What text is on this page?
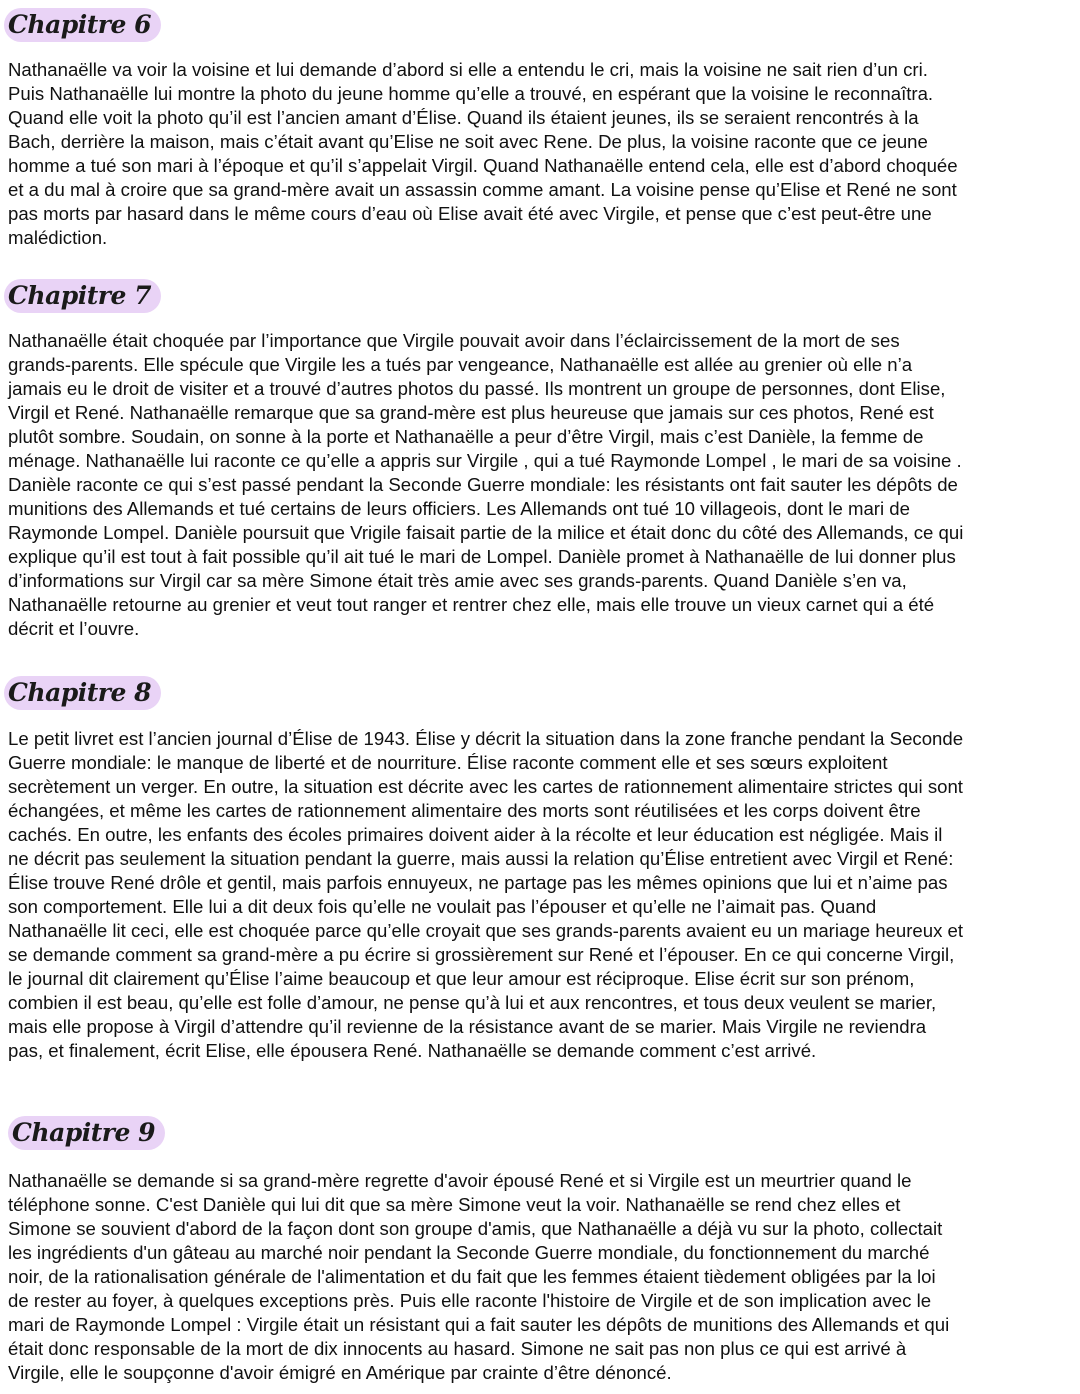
Chapitre 6

Nathanaëlle va voir la voisine et lui demande d’abord si elle a entendu le cri, mais la voisine ne sait rien d’un cri.
Puis Nathanaëlle lui montre la photo du jeune homme qu’elle a trouvé, en espérant que la voisine le reconnaîtra.
Quand elle voit la photo qu’il est l’ancien amant d’Élise. Quand ils étaient jeunes, ils se seraient rencontrés à la
Bach, derrière la maison, mais c’était avant qu’Elise ne soit avec Rene. De plus, la voisine raconte que ce jeune
homme a tué son mari à l’époque et qu’il s’appelait Virgil. Quand Nathanaëlle entend cela, elle est d’abord choquée
et a du mal à croire que sa grand-mère avait un assassin comme amant. La voisine pense qu’Elise et René ne sont
pas morts par hasard dans le même cours d’eau où Elise avait été avec Virgile, et pense que c’est peut-être une
malédiction.

Chapitre 7

Nathanaëlle était choquée par l’importance que Virgile pouvait avoir dans l’éclaircissement de la mort de ses
grands-parents. Elle spécule que Virgile les a tués par vengeance, Nathanaëlle est allée au grenier où elle n’a
jamais eu le droit de visiter et a trouvé d’autres photos du passé. Ils montrent un groupe de personnes, dont Elise,
Virgil et René. Nathanaëlle remarque que sa grand-mère est plus heureuse que jamais sur ces photos, René est
plutôt sombre. Soudain, on sonne à la porte et Nathanaëlle a peur d’être Virgil, mais c’est Danièle, la femme de
ménage. Nathanaëlle lui raconte ce qu’elle a appris sur Virgile , qui a tué Raymonde Lompel , le mari de sa voisine .
Danièle raconte ce qui s’est passé pendant la Seconde Guerre mondiale: les résistants ont fait sauter les dépôts de
munitions des Allemands et tué certains de leurs officiers. Les Allemands ont tué 10 villageois, dont le mari de
Raymonde Lompel. Danièle poursuit que Vrigile faisait partie de la milice et était donc du côté des Allemands, ce qui
explique qu’il est tout à fait possible qu’il ait tué le mari de Lompel. Danièle promet à Nathanaëlle de lui donner plus
d’informations sur Virgil car sa mère Simone était très amie avec ses grands-parents. Quand Danièle s’en va,
Nathanaëlle retourne au grenier et veut tout ranger et rentrer chez elle, mais elle trouve un vieux carnet qui a été
décrit et l’ouvre.

Chapitre 8

Le petit livret est l’ancien journal d’Élise de 1943. Élise y décrit la situation dans la zone franche pendant la Seconde
Guerre mondiale: le manque de liberté et de nourriture. Élise raconte comment elle et ses sœurs exploitent
secrètement un verger. En outre, la situation est décrite avec les cartes de rationnement alimentaire strictes qui sont
échangées, et même les cartes de rationnement alimentaire des morts sont réutilisées et les corps doivent être
cachés. En outre, les enfants des écoles primaires doivent aider à la récolte et leur éducation est négligée. Mais il
ne décrit pas seulement la situation pendant la guerre, mais aussi la relation qu’Élise entretient avec Virgil et René:
Élise trouve René drôle et gentil, mais parfois ennuyeux, ne partage pas les mêmes opinions que lui et n’aime pas
son comportement. Elle lui a dit deux fois qu’elle ne voulait pas l’épouser et qu’elle ne l’aimait pas. Quand
Nathanaëlle lit ceci, elle est choquée parce qu’elle croyait que ses grands-parents avaient eu un mariage heureux et
se demande comment sa grand-mère a pu écrire si grossièrement sur René et l’épouser. En ce qui concerne Virgil,
le journal dit clairement qu’Élise l’aime beaucoup et que leur amour est réciproque. Elise écrit sur son prénom,
combien il est beau, qu’elle est folle d’amour, ne pense qu’à lui et aux rencontres, et tous deux veulent se marier,
mais elle propose à Virgil d’attendre qu’il revienne de la résistance avant de se marier. Mais Virgile ne reviendra
pas, et finalement, écrit Elise, elle épousera René. Nathanaëlle se demande comment c’est arrivé.

Chapitre 9

Nathanaëlle se demande si sa grand-mère regrette d'avoir épousé René et si Virgile est un meurtrier quand le
téléphone sonne. C'est Danièle qui lui dit que sa mère Simone veut la voir. Nathanaëlle se rend chez elles et
Simone se souvient d'abord de la façon dont son groupe d'amis, que Nathanaëlle a déjà vu sur la photo, collectait
les ingrédients d'un gâteau au marché noir pendant la Seconde Guerre mondiale, du fonctionnement du marché
noir, de la rationalisation générale de l'alimentation et du fait que les femmes étaient tièdement obligées par la loi
de rester au foyer, à quelques exceptions près. Puis elle raconte l'histoire de Virgile et de son implication avec le
mari de Raymonde Lompel : Virgile était un résistant qui a fait sauter les dépôts de munitions des Allemands et qui
était donc responsable de la mort de dix innocents au hasard. Simone ne sait pas non plus ce qui est arrivé à
Virgile, elle le soupçonne d'avoir émigré en Amérique par crainte d’être dénoncé.
